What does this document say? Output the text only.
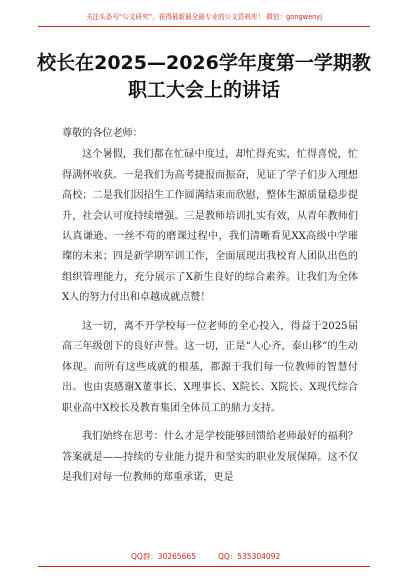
关注头条号“公文研究”，获得最新最全最专业的公文资料库！ 微信：gongwenyj
校长在2025—2026学年度第一学期教
职工大会上的讲话

尊敬的各位老师：

这个暑假，我们都在忙碌中度过，却忙得充实，忙得喜悦，忙得满怀收获。一是我们为高考捷报而振奋，见证了学子们步入理想高校；二是我们因招生工作圆满结束而欣慰，整体生源质量稳步提升，社会认可度持续增强。三是教师培训扎实有效，从青年教师们认真谦逊、一丝不苟的磨课过程中，我们清晰看见XX高级中学璀璨的未来；四是新学期军训工作，全面展现出我校育人团队出色的组织管理能力，充分展示了X新生良好的综合素养。让我们为全体X人的努力付出和卓越成就点赞！

这一切，离不开学校每一位老师的全心投入，得益于2025届高三年级创下的良好声誉。这一切，正是“人心齐，泰山移”的生动体现。而所有这些成就的根基，都源于我们每一位教师的智慧付出。也由衷感谢X董事长、X理事长、X院长、X院长、X现代综合职业高中X校长及教育集团全体员工的鼎力支持。

我们始终在思考：什么才是学校能够回馈给老师最好的福利？答案就是——持续的专业能力提升和坚实的职业发展保障。这不仅是我们对每一位教师的郑重承诺，更是

QQ群：30265665	QQ：535304092
